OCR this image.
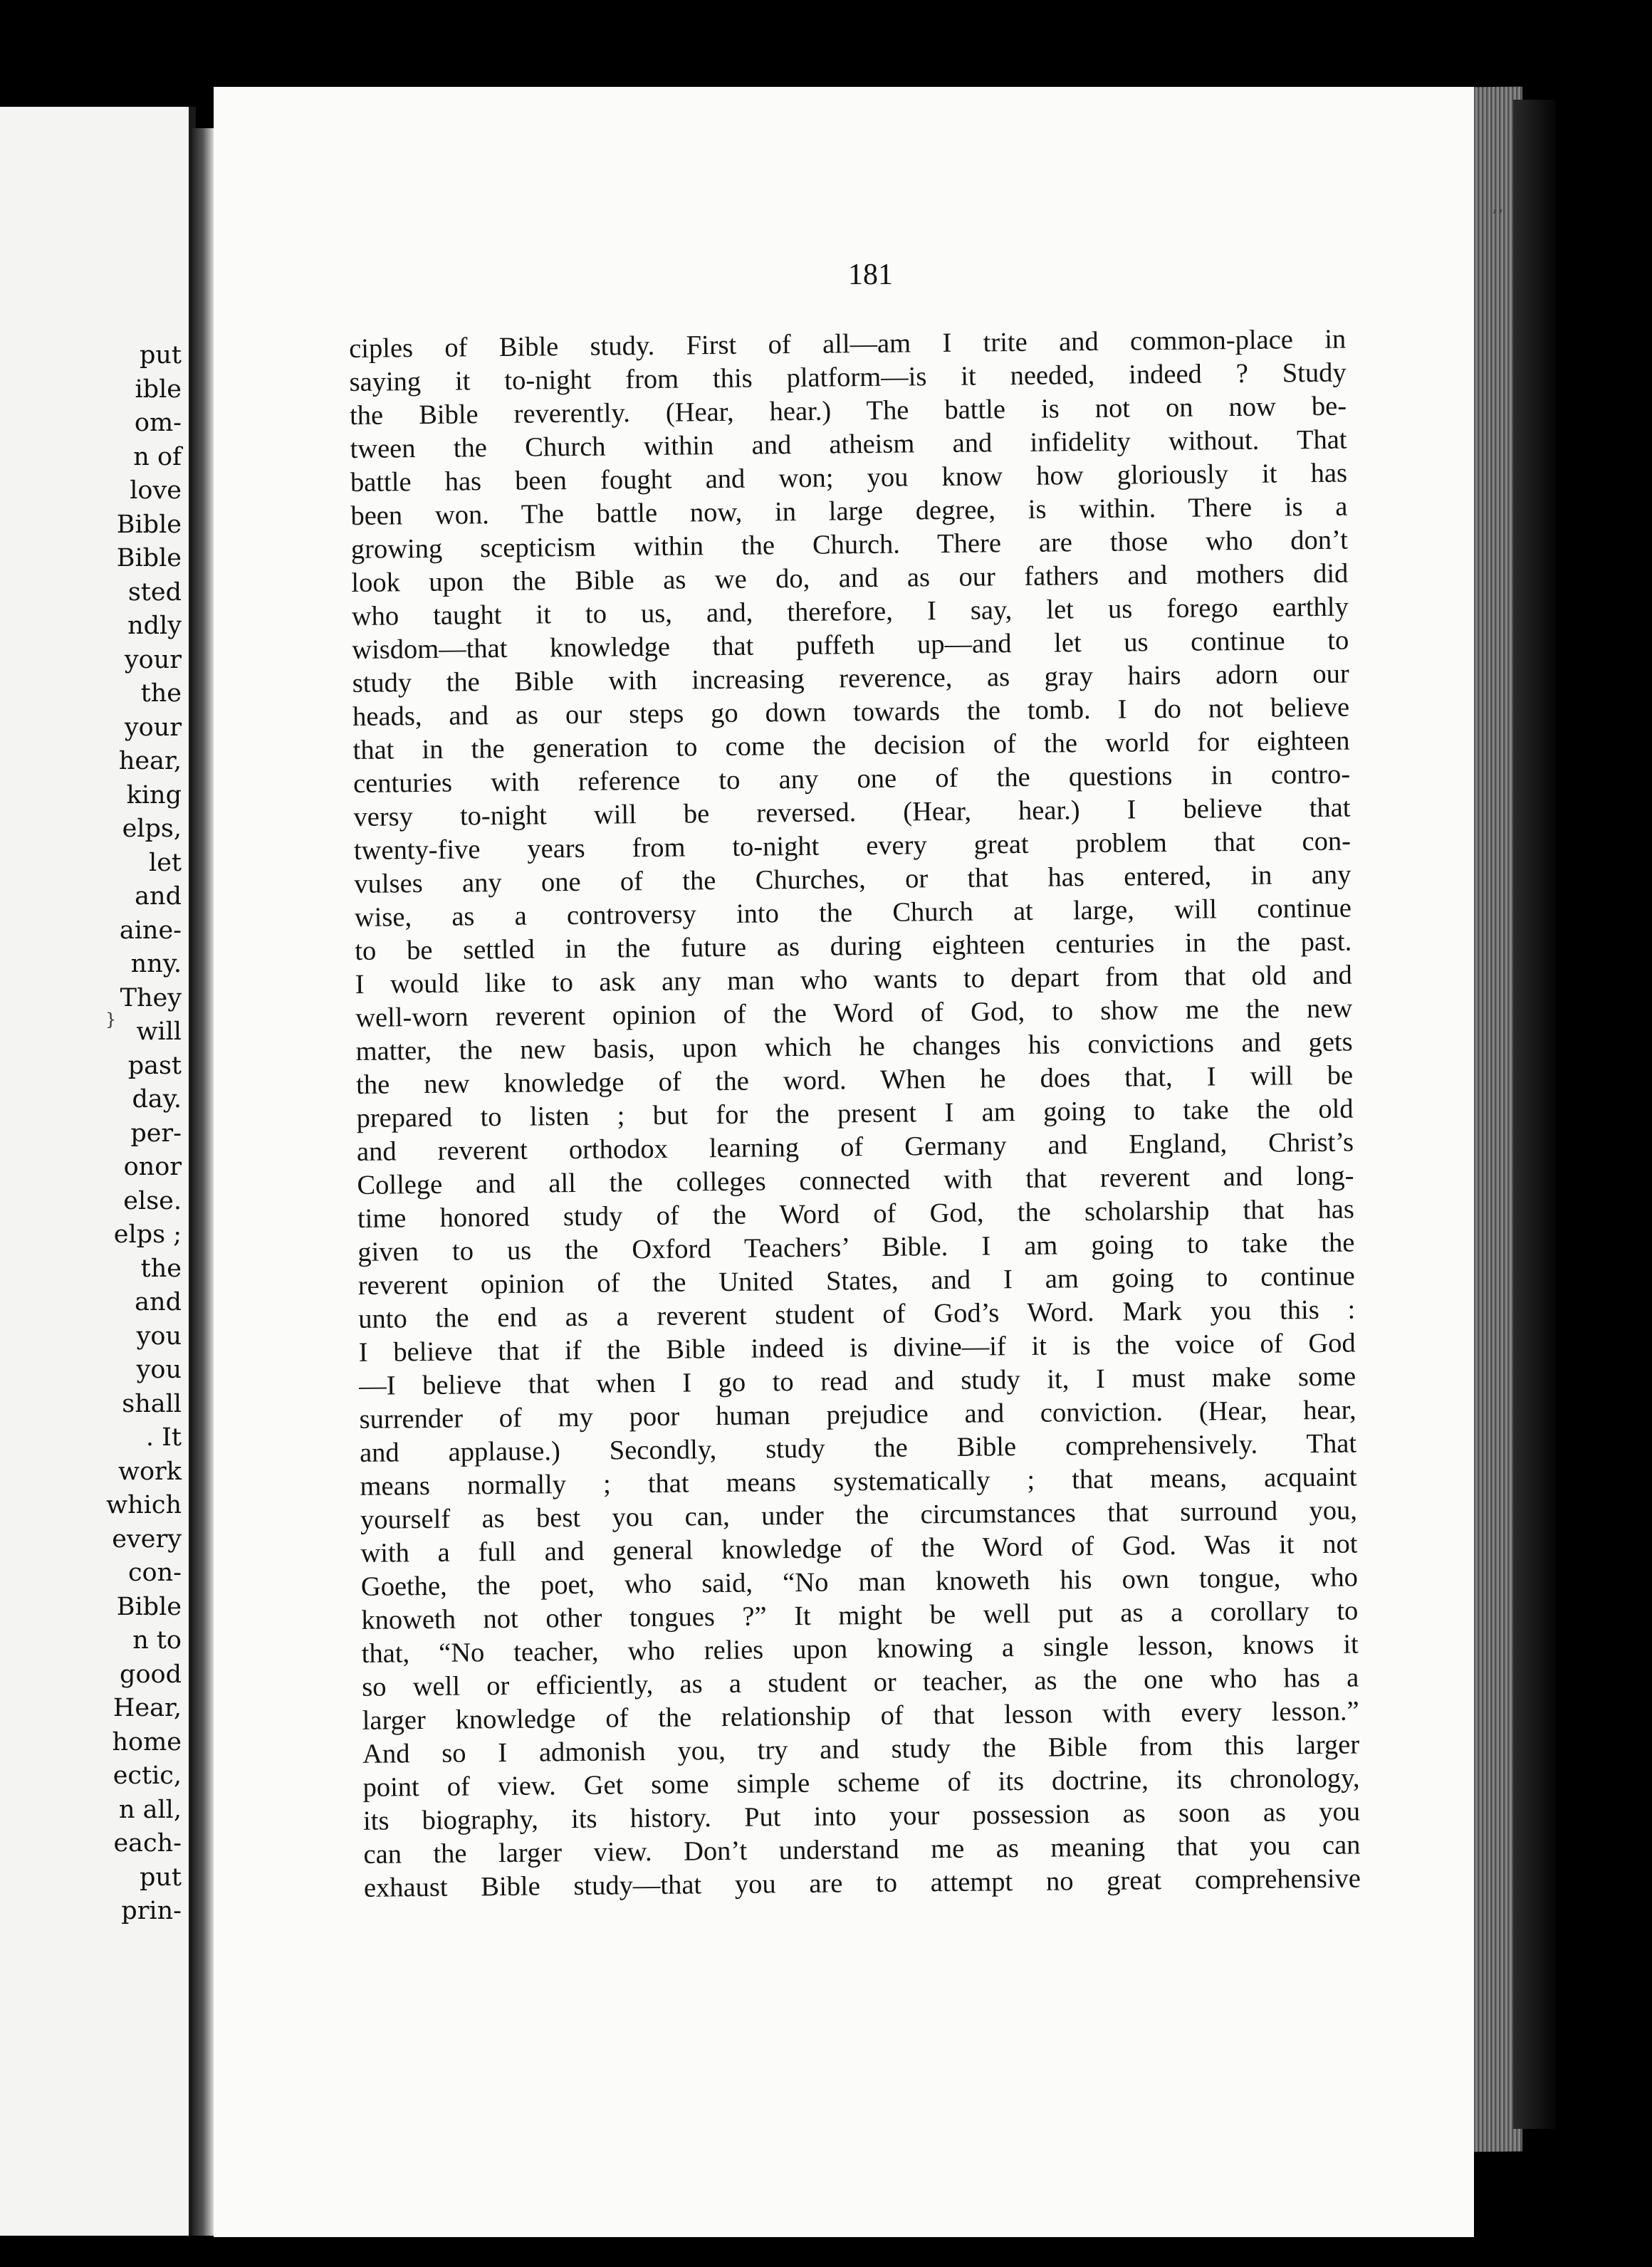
put
ible
om-
n of
love
Bible
Bible
sted
ndly
your
the
your
hear,
king
elps,
let
and
aine-
nny.
They
will
past
day.
per-
onor
else.
elps ;
the
and
you
you
shall
. It
work
which
every
con-
Bible
n to
good
Hear,
home
ectic,
n all,
each-
put
prin-
}
’’
181
ciples of Bible study. First of all—am I trite and common-place in
saying it to-night from this platform—is it needed, indeed ? Study
the Bible reverently. (Hear, hear.) The battle is not on now be-
tween the Church within and atheism and infidelity without. That
battle has been fought and won; you know how gloriously it has
been won. The battle now, in large degree, is within. There is a
growing scepticism within the Church. There are those who don’t
look upon the Bible as we do, and as our fathers and mothers did
who taught it to us, and, therefore, I say, let us forego earthly
wisdom—that knowledge that puffeth up—and let us continue to
study the Bible with increasing reverence, as gray hairs adorn our
heads, and as our steps go down towards the tomb. I do not believe
that in the generation to come the decision of the world for eighteen
centuries with reference to any one of the questions in contro-
versy to-night will be reversed. (Hear, hear.) I believe that
twenty-five years from to-night every great problem that con-
vulses any one of the Churches, or that has entered, in any
wise, as a controversy into the Church at large, will continue
to be settled in the future as during eighteen centuries in the past.
I would like to ask any man who wants to depart from that old and
well-worn reverent opinion of the Word of God, to show me the new
matter, the new basis, upon which he changes his convictions and gets
the new knowledge of the word. When he does that, I will be
prepared to listen ; but for the present I am going to take the old
and reverent orthodox learning of Germany and England, Christ’s
College and all the colleges connected with that reverent and long-
time honored study of the Word of God, the scholarship that has
given to us the Oxford Teachers’ Bible. I am going to take the
reverent opinion of the United States, and I am going to continue
unto the end as a reverent student of God’s Word. Mark you this :
I believe that if the Bible indeed is divine—if it is the voice of God
—I believe that when I go to read and study it, I must make some
surrender of my poor human prejudice and conviction. (Hear, hear,
and applause.) Secondly, study the Bible comprehensively. That
means normally ; that means systematically ; that means, acquaint
yourself as best you can, under the circumstances that surround you,
with a full and general knowledge of the Word of God. Was it not
Goethe, the poet, who said, “No man knoweth his own tongue, who
knoweth not other tongues ?” It might be well put as a corollary to
that, “No teacher, who relies upon knowing a single lesson, knows it
so well or efficiently, as a student or teacher, as the one who has a
larger knowledge of the relationship of that lesson with every lesson.”
And so I admonish you, try and study the Bible from this larger
point of view. Get some simple scheme of its doctrine, its chronology,
its biography, its history. Put into your possession as soon as you
can the larger view. Don’t understand me as meaning that you can
exhaust Bible study—that you are to attempt no great comprehensive
